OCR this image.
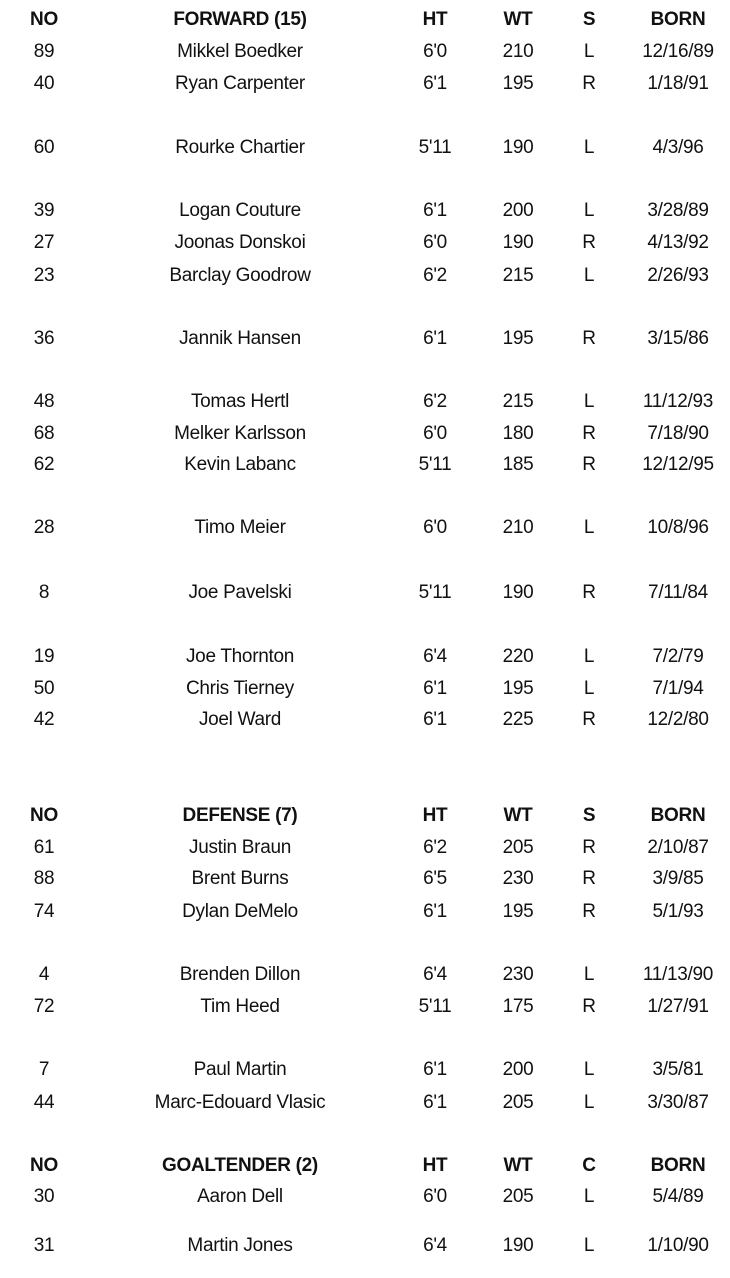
NO	FORWARD (15)	HT	WT	S	BORN
89	Mikkel Boedker	6'0	210	L	12/16/89
40	Ryan Carpenter	6'1	195	R	1/18/91
60	Rourke Chartier	5'11	190	L	4/3/96
39	Logan Couture	6'1	200	L	3/28/89
27	Joonas Donskoi	6'0	190	R	4/13/92
23	Barclay Goodrow	6'2	215	L	2/26/93
36	Jannik Hansen	6'1	195	R	3/15/86
48	Tomas Hertl	6'2	215	L	11/12/93
68	Melker Karlsson	6'0	180	R	7/18/90
62	Kevin Labanc	5'11	185	R 12/12/95
28	Timo Meier	6'0	210	L	10/8/96
8	Joe Pavelski	5'11	190	R	7/11/84
19	Joe Thornton	6'4	220	L	7/2/79
50	Chris Tierney	6'1	195	L	7/1/94
42	Joel Ward	6'1	225	R	12/2/80
NO	DEFENSE (7)	HT	WT	S	BORN
61	Justin Braun	6'2	205	R	2/10/87
88	Brent Burns	6'5	230	R	3/9/85
74	Dylan DeMelo	6'1	195	R	5/1/93
4	Brenden Dillon	6'4	230	L	11/13/90
72	Tim Heed	5'11	175	R	1/27/91
7	Paul Martin	6'1	200	L	3/5/81
44	Marc-Edouard Vlasic	6'1	205	L	3/30/87
NO	GOALTENDER (2)	HT	WT	C	BORN
30	Aaron Dell	6'0	205	L	5/4/89
31	Martin Jones	6'4	190	L	1/10/90
